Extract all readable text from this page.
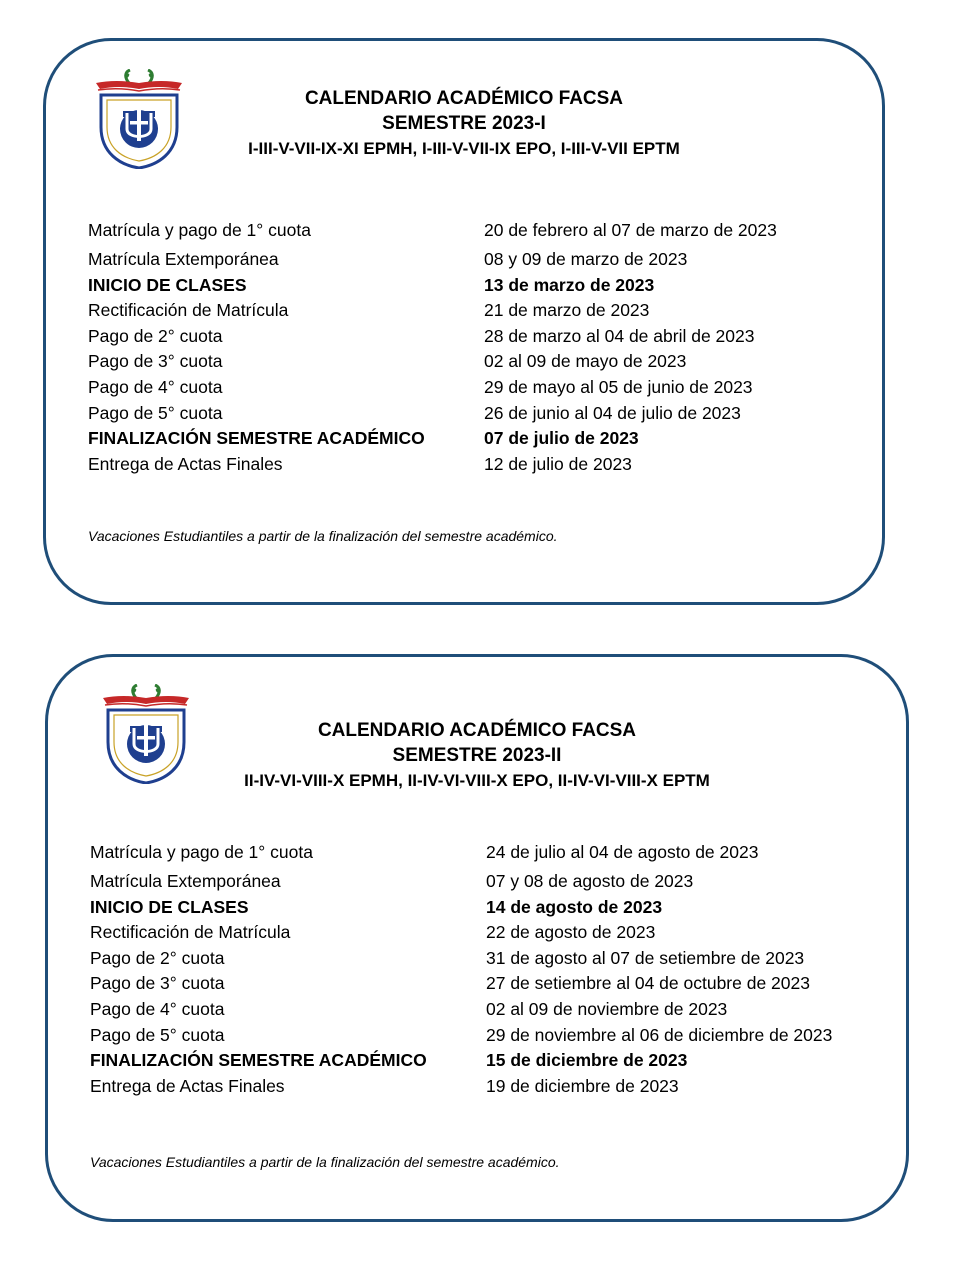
CALENDARIO ACADÉMICO FACSA
SEMESTRE 2023-I
I-III-V-VII-IX-XI EPMH, I-III-V-VII-IX EPO, I-III-V-VII EPTM
Matrícula y pago de 1° cuota	20 de febrero al 07 de marzo de 2023
Matrícula Extemporánea	08 y 09 de marzo de 2023
INICIO DE CLASES	13 de marzo de 2023
Rectificación de Matrícula	21 de marzo de 2023
Pago de 2° cuota	28 de marzo al 04 de abril de 2023
Pago de 3° cuota	02 al 09 de mayo de 2023
Pago de 4° cuota	29 de mayo al 05 de junio de 2023
Pago de 5° cuota	26 de junio al 04 de julio de 2023
FINALIZACIÓN SEMESTRE ACADÉMICO	07 de julio de 2023
Entrega de Actas Finales	12 de julio de 2023
Vacaciones Estudiantiles a partir de la finalización del semestre académico.
CALENDARIO ACADÉMICO FACSA
SEMESTRE 2023-II
II-IV-VI-VIII-X EPMH, II-IV-VI-VIII-X EPO, II-IV-VI-VIII-X EPTM
Matrícula y pago de 1° cuota	24 de julio al 04 de agosto de 2023
Matrícula Extemporánea	07 y 08 de agosto de 2023
INICIO DE CLASES	14 de agosto de 2023
Rectificación de Matrícula	22 de agosto de 2023
Pago de 2° cuota	31 de agosto al 07 de setiembre de 2023
Pago de 3° cuota	27 de setiembre al 04 de octubre de 2023
Pago de 4° cuota	02 al 09 de noviembre de 2023
Pago de 5° cuota	29 de noviembre al 06 de diciembre de 2023
FINALIZACIÓN SEMESTRE ACADÉMICO	15 de diciembre de 2023
Entrega de Actas Finales	19 de diciembre de 2023
Vacaciones Estudiantiles a partir de la finalización del semestre académico.
